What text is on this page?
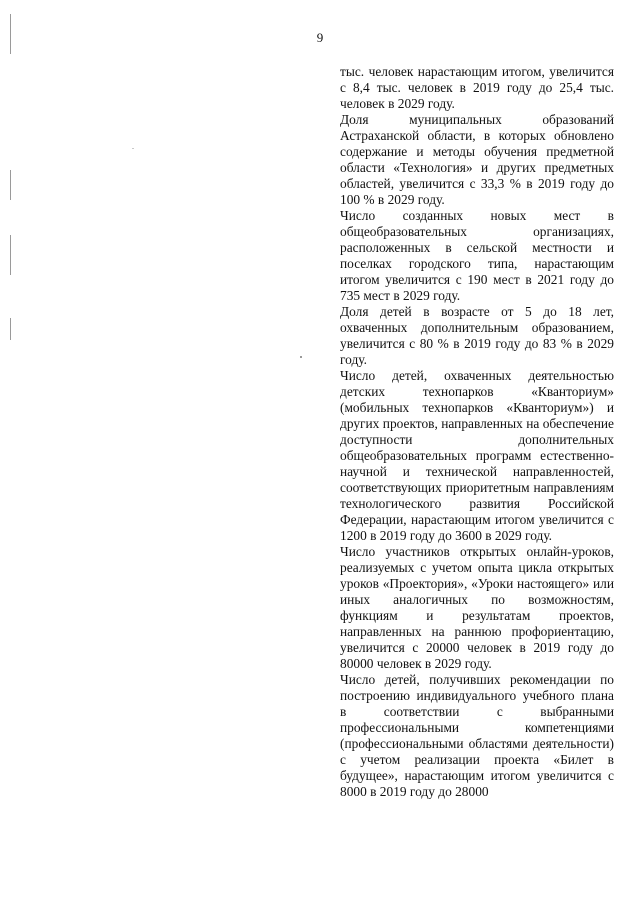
9

тыс. человек нарастающим итогом, увеличится с 8,4 тыс. человек в 2019 году до 25,4 тыс. человек в 2029 году.

Доля муниципальных образований Астраханской области, в которых обновлено содержание и методы обучения предметной области «Технология» и других предметных областей, увеличится с 33,3 % в 2019 году до 100 % в 2029 году.

Число созданных новых мест в общеобразовательных организациях, расположенных в сельской местности и поселках городского типа, нарастающим итогом увеличится с 190 мест в 2021 году до 735 мест в 2029 году.

Доля детей в возрасте от 5 до 18 лет, охваченных дополнительным образованием, увеличится с 80 % в 2019 году до 83 % в 2029 году.

Число детей, охваченных деятельностью детских технопарков «Кванториум» (мобильных технопарков «Кванториум») и других проектов, направленных на обеспечение доступности дополнительных общеобразовательных программ естественно-научной и технической направленностей, соответствующих приоритетным направлениям технологического развития Российской Федерации, нарастающим итогом увеличится с 1200 в 2019 году до 3600 в 2029 году.

Число участников открытых онлайн-уроков, реализуемых с учетом опыта цикла открытых уроков «Проектория», «Уроки настоящего» или иных аналогичных по возможностям, функциям и результатам проектов, направленных на раннюю профориентацию, увеличится с 20000 человек в 2019 году до 80000 человек в 2029 году.

Число детей, получивших рекомендации по построению индивидуального учебного плана в соответствии с выбранными профессиональными компетенциями (профессиональными областями деятельности) с учетом реализации проекта «Билет в будущее», нарастающим итогом увеличится с 8000 в 2019 году до 28000
